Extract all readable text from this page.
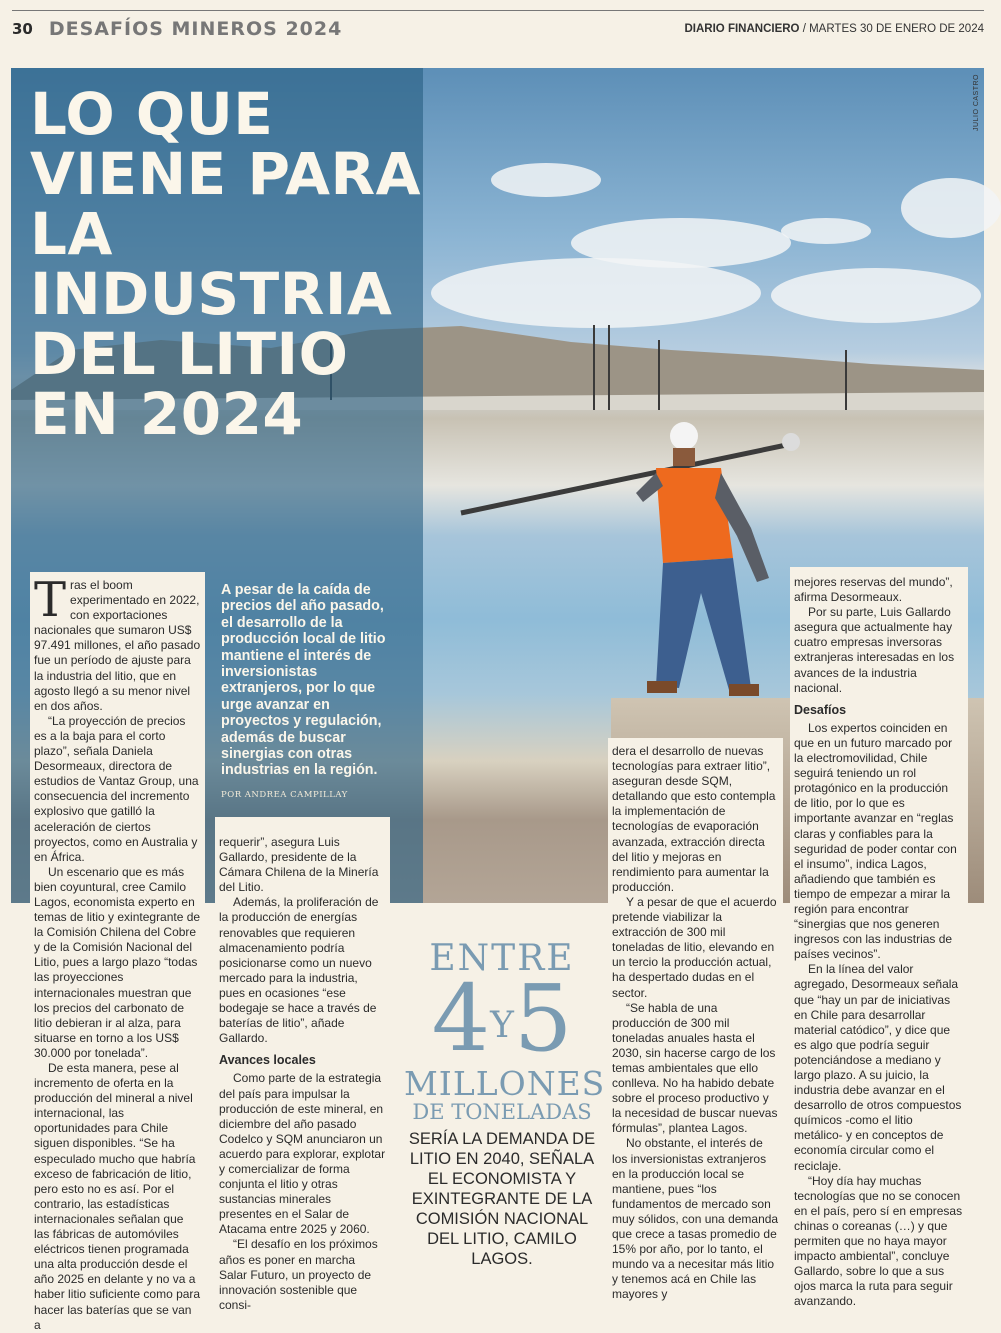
30 DESAFÍOS MINEROS 2024	DIARIO FINANCIERO / MARTES 30 DE ENERO DE 2024
JULIO CASTRO
LO QUE VIENE PARA LA INDUSTRIA DEL LITIO EN 2024
A pesar de la caída de precios del año pasado, el desarrollo de la producción local de litio mantiene el interés de inversionistas extranjeros, por lo que urge avanzar en proyectos y regulación, además de buscar sinergias con otras industrias en la región.
POR ANDREA CAMPILLAY

Tras el boom experimentado en 2022, con exportaciones nacionales que sumaron US$ 97.491 millones, el año pasado fue un período de ajuste para la industria del litio, que en agosto llegó a su menor nivel en dos años.

“La proyección de precios es a la baja para el corto plazo”, señala Daniela Desormeaux, directora de estudios de Vantaz Group, una consecuencia del incremento explosivo que gatilló la aceleración de ciertos proyectos, como en Australia y en África.

Un escenario que es más bien coyuntural, cree Camilo Lagos, economista experto en temas de litio y exintegrante de la Comisión Chilena del Cobre y de la Comisión Nacional del Litio, pues a largo plazo “todas las proyecciones internacionales muestran que los precios del carbonato de litio debieran ir al alza, para situarse en torno a los US$ 30.000 por tonelada”.

De esta manera, pese al incremento de oferta en la producción del mineral a nivel internacional, las oportunidades para Chile siguen disponibles. “Se ha especulado mucho que habría exceso de fabricación de litio, pero esto no es así. Por el contrario, las estadísticas internacionales señalan que las fábricas de automóviles eléctricos tienen programada una alta producción desde el año 2025 en delante y no va a haber litio suficiente como para hacer las baterías que se van a

requerir”, asegura Luis Gallardo, presidente de la Cámara Chilena de la Minería del Litio.

Además, la proliferación de la producción de energías renovables que requieren almacenamiento podría posicionarse como un nuevo mercado para la industria, pues en ocasiones “ese bodegaje se hace a través de baterías de litio”, añade Gallardo.

Avances locales

Como parte de la estrategia del país para impulsar la producción de este mineral, en diciembre del año pasado Codelco y SQM anunciaron un acuerdo para explorar, explotar y comercializar de forma conjunta el litio y otras sustancias minerales presentes en el Salar de Atacama entre 2025 y 2060.

“El desafío en los próximos años es poner en marcha Salar Futuro, un proyecto de innovación sostenible que consi-

ENTRE
4Y5
MILLONES
DE TONELADAS
SERÍA LA DEMANDA DE LITIO EN 2040, SEÑALA EL ECONOMISTA Y EXINTEGRANTE DE LA COMISIÓN NACIONAL DEL LITIO, CAMILO LAGOS.

dera el desarrollo de nuevas tecnologías para extraer litio”, aseguran desde SQM, detallando que esto contempla la implementación de tecnologías de evaporación avanzada, extracción directa del litio y mejoras en rendimiento para aumentar la producción.

Y a pesar de que el acuerdo pretende viabilizar la extracción de 300 mil toneladas de litio, elevando en un tercio la producción actual, ha despertado dudas en el sector.

“Se habla de una producción de 300 mil toneladas anuales hasta el 2030, sin hacerse cargo de los temas ambientales que ello conlleva. No ha habido debate sobre el proceso productivo y la necesidad de buscar nuevas fórmulas”, plantea Lagos.

No obstante, el interés de los inversionistas extranjeros en la producción local se mantiene, pues “los fundamentos de mercado son muy sólidos, con una demanda que crece a tasas promedio de 15% por año, por lo tanto, el mundo va a necesitar más litio y tenemos acá en Chile las mayores y

mejores reservas del mundo”, afirma Desormeaux.

Por su parte, Luis Gallardo asegura que actualmente hay cuatro empresas inversoras extranjeras interesadas en los avances de la industria nacional.

Desafíos

Los expertos coinciden en que en un futuro marcado por la electromovilidad, Chile seguirá teniendo un rol protagónico en la producción de litio, por lo que es importante avanzar en “reglas claras y confiables para la seguridad de poder contar con el insumo”, indica Lagos, añadiendo que también es tiempo de empezar a mirar la región para encontrar “sinergias que nos generen ingresos con las industrias de países vecinos”.

En la línea del valor agregado, Desormeaux señala que “hay un par de iniciativas en Chile para desarrollar material catódico”, y dice que es algo que podría seguir potenciándose a mediano y largo plazo. A su juicio, la industria debe avanzar en el desarrollo de otros compuestos químicos -como el litio metálico- y en conceptos de economía circular como el reciclaje.

“Hoy día hay muchas tecnologías que no se conocen en el país, pero sí en empresas chinas o coreanas (…) y que permiten que no haya mayor impacto ambiental”, concluye Gallardo, sobre lo que a sus ojos marca la ruta para seguir avanzando.
